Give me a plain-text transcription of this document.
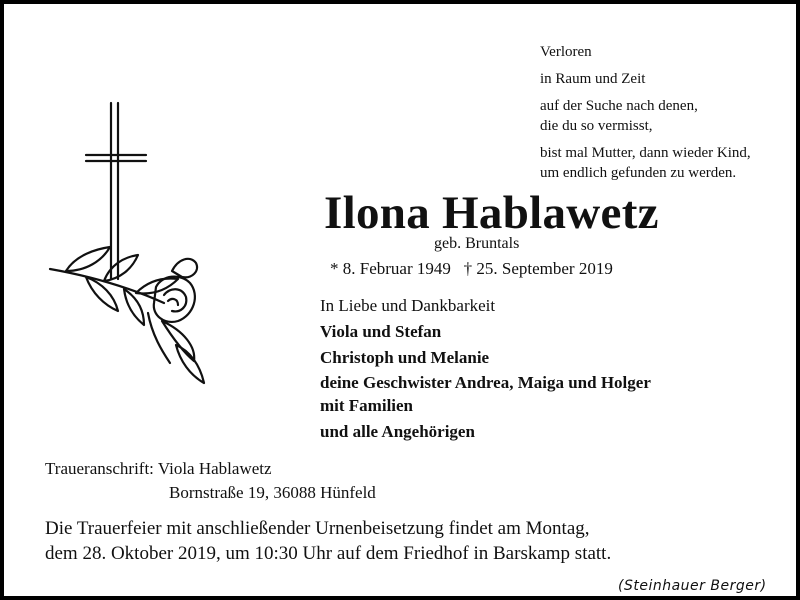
Verloren
in Raum und Zeit
auf der Suche nach denen,
die du so vermisst,
bist mal Mutter, dann wieder Kind,
um endlich gefunden zu werden.
Ilona Hablawetz
geb. Bruntals
* 8. Februar 1949 † 25. September 2019
In Liebe und Dankbarkeit
Viola und Stefan
Christoph und Melanie
deine Geschwister Andrea, Maiga und Holger
mit Familien
und alle Angehörigen
Traueranschrift: Viola Hablawetz
Bornstraße 19, 36088 Hünfeld
Die Trauerfeier mit anschließender Urnenbeisetzung findet am Montag,
dem 28. Oktober 2019, um 10:30 Uhr auf dem Friedhof in Barskamp statt.
(Steinhauer Berger)
